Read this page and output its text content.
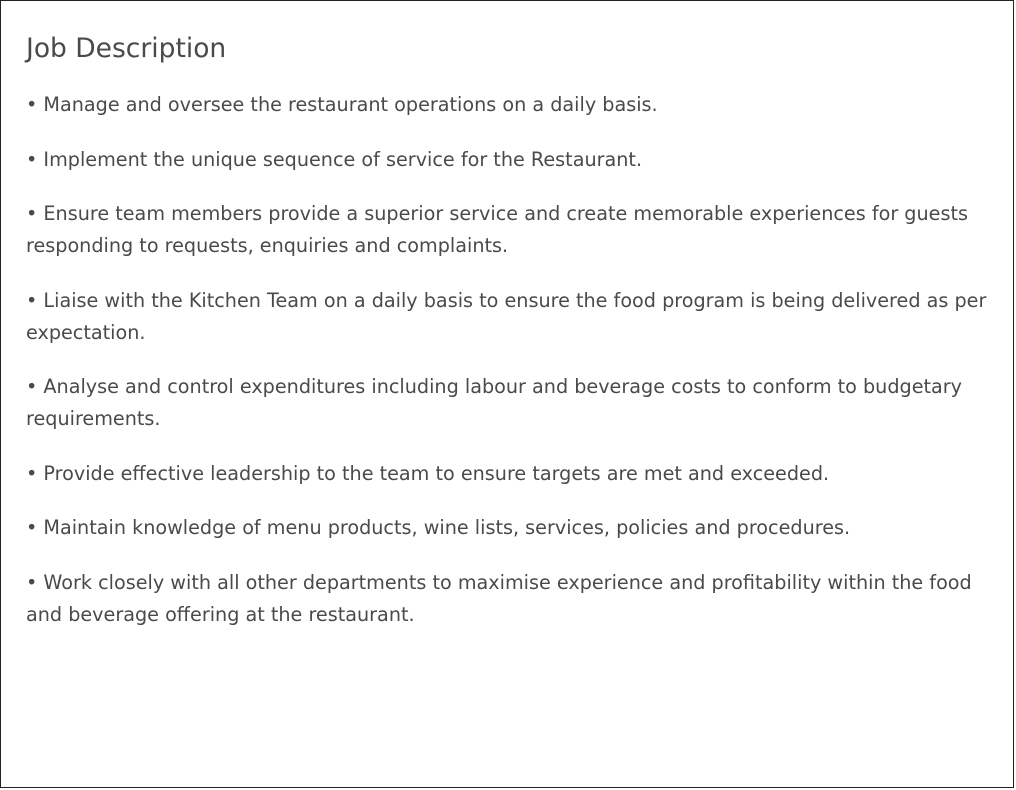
Job Description
• Manage and oversee the restaurant operations on a daily basis.
• Implement the unique sequence of service for the Restaurant.
• Ensure team members provide a superior service and create memorable experiences for guests responding to requests, enquiries and complaints.
• Liaise with the Kitchen Team on a daily basis to ensure the food program is being delivered as per expectation.
• Analyse and control expenditures including labour and beverage costs to conform to budgetary requirements.
• Provide effective leadership to the team to ensure targets are met and exceeded.
• Maintain knowledge of menu products, wine lists, services, policies and procedures.
• Work closely with all other departments to maximise experience and profitability within the food and beverage offering at the restaurant.
